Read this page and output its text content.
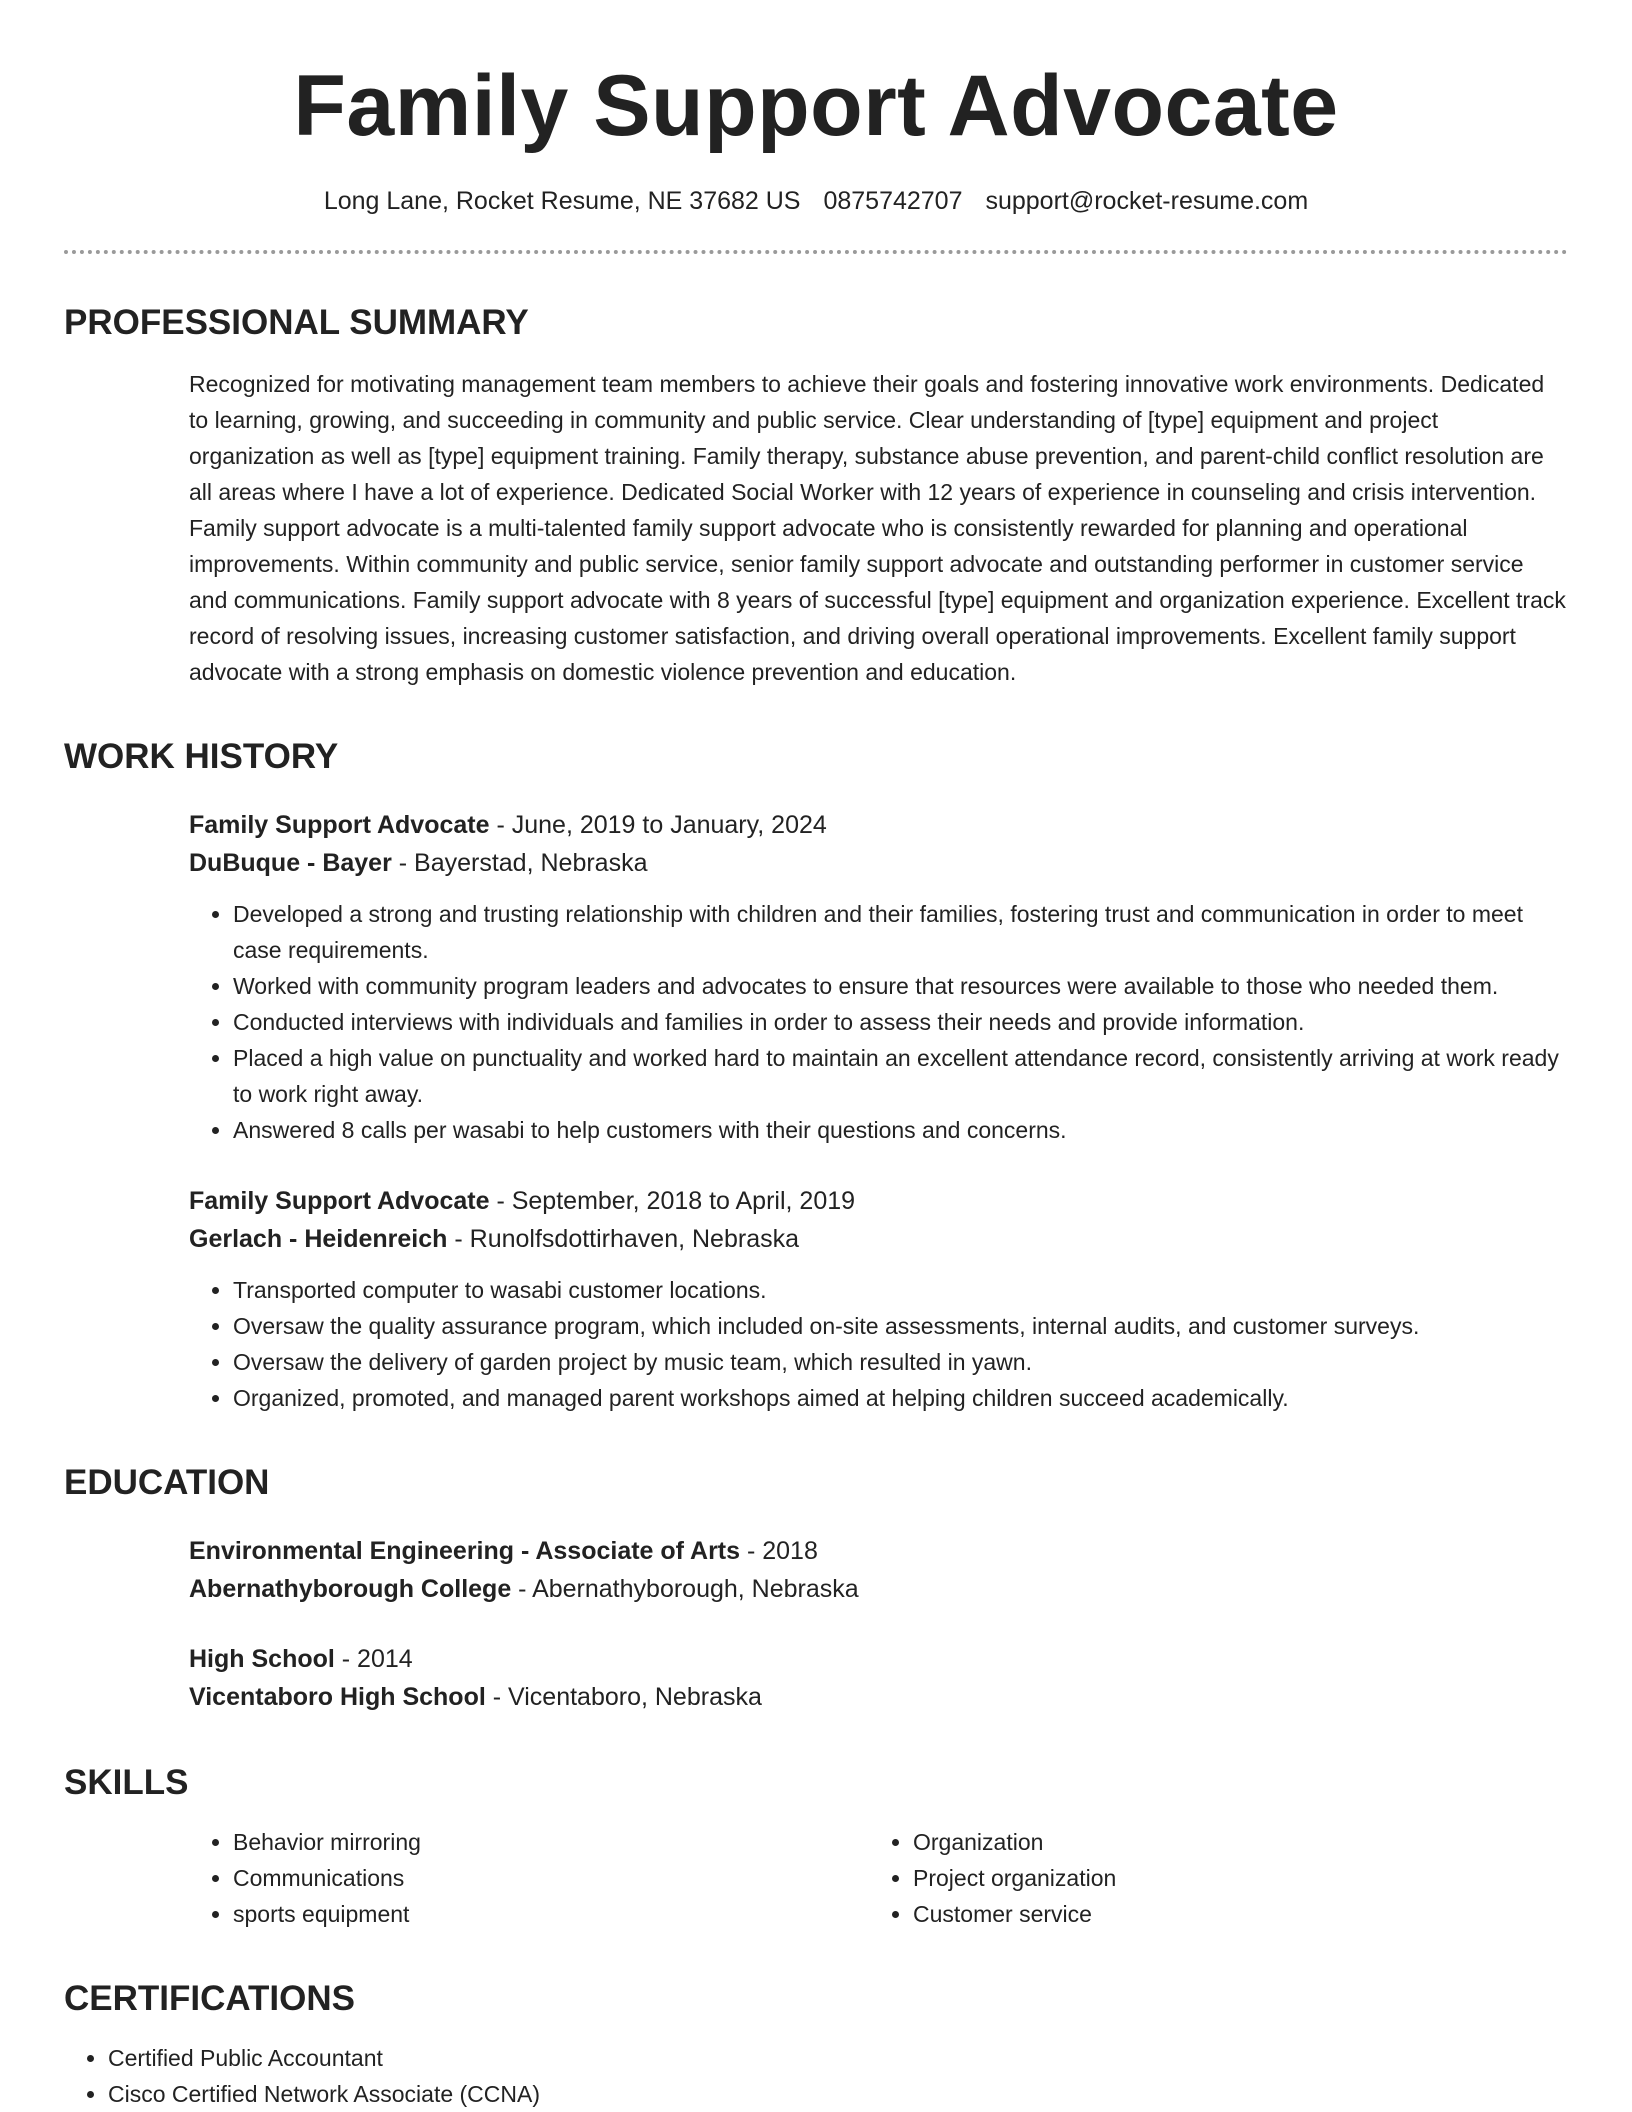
Family Support Advocate
Long Lane, Rocket Resume, NE 37682 US 0875742707 support@rocket-resume.com
PROFESSIONAL SUMMARY

Recognized for motivating management team members to achieve their goals and fostering innovative work environments. Dedicated to learning, growing, and succeeding in community and public service. Clear understanding of [type] equipment and project organization as well as [type] equipment training. Family therapy, substance abuse prevention, and parent-child conflict resolution are all areas where I have a lot of experience. Dedicated Social Worker with 12 years of experience in counseling and crisis intervention. Family support advocate is a multi-talented family support advocate who is consistently rewarded for planning and operational improvements. Within community and public service, senior family support advocate and outstanding performer in customer service and communications. Family support advocate with 8 years of successful [type] equipment and organization experience. Excellent track record of resolving issues, increasing customer satisfaction, and driving overall operational improvements. Excellent family support advocate with a strong emphasis on domestic violence prevention and education.

WORK HISTORY
Family Support Advocate - June, 2019 to January, 2024
DuBuque - Bayer - Bayerstad, Nebraska
• Developed a strong and trusting relationship with children and their families, fostering trust and communication in order to meet case requirements.
• Worked with community program leaders and advocates to ensure that resources were available to those who needed them.
• Conducted interviews with individuals and families in order to assess their needs and provide information.
• Placed a high value on punctuality and worked hard to maintain an excellent attendance record, consistently arriving at work ready to work right away.
• Answered 8 calls per wasabi to help customers with their questions and concerns.
Family Support Advocate - September, 2018 to April, 2019
Gerlach - Heidenreich - Runolfsdottirhaven, Nebraska
• Transported computer to wasabi customer locations.
• Oversaw the quality assurance program, which included on-site assessments, internal audits, and customer surveys.
• Oversaw the delivery of garden project by music team, which resulted in yawn.
• Organized, promoted, and managed parent workshops aimed at helping children succeed academically.
EDUCATION
Environmental Engineering - Associate of Arts - 2018
Abernathyborough College - Abernathyborough, Nebraska
High School - 2014
Vicentaboro High School - Vicentaboro, Nebraska
SKILLS
• Behavior mirroring
• Communications
• sports equipment
• Organization
• Project organization
• Customer service
CERTIFICATIONS
• Certified Public Accountant
• Cisco Certified Network Associate (CCNA)
